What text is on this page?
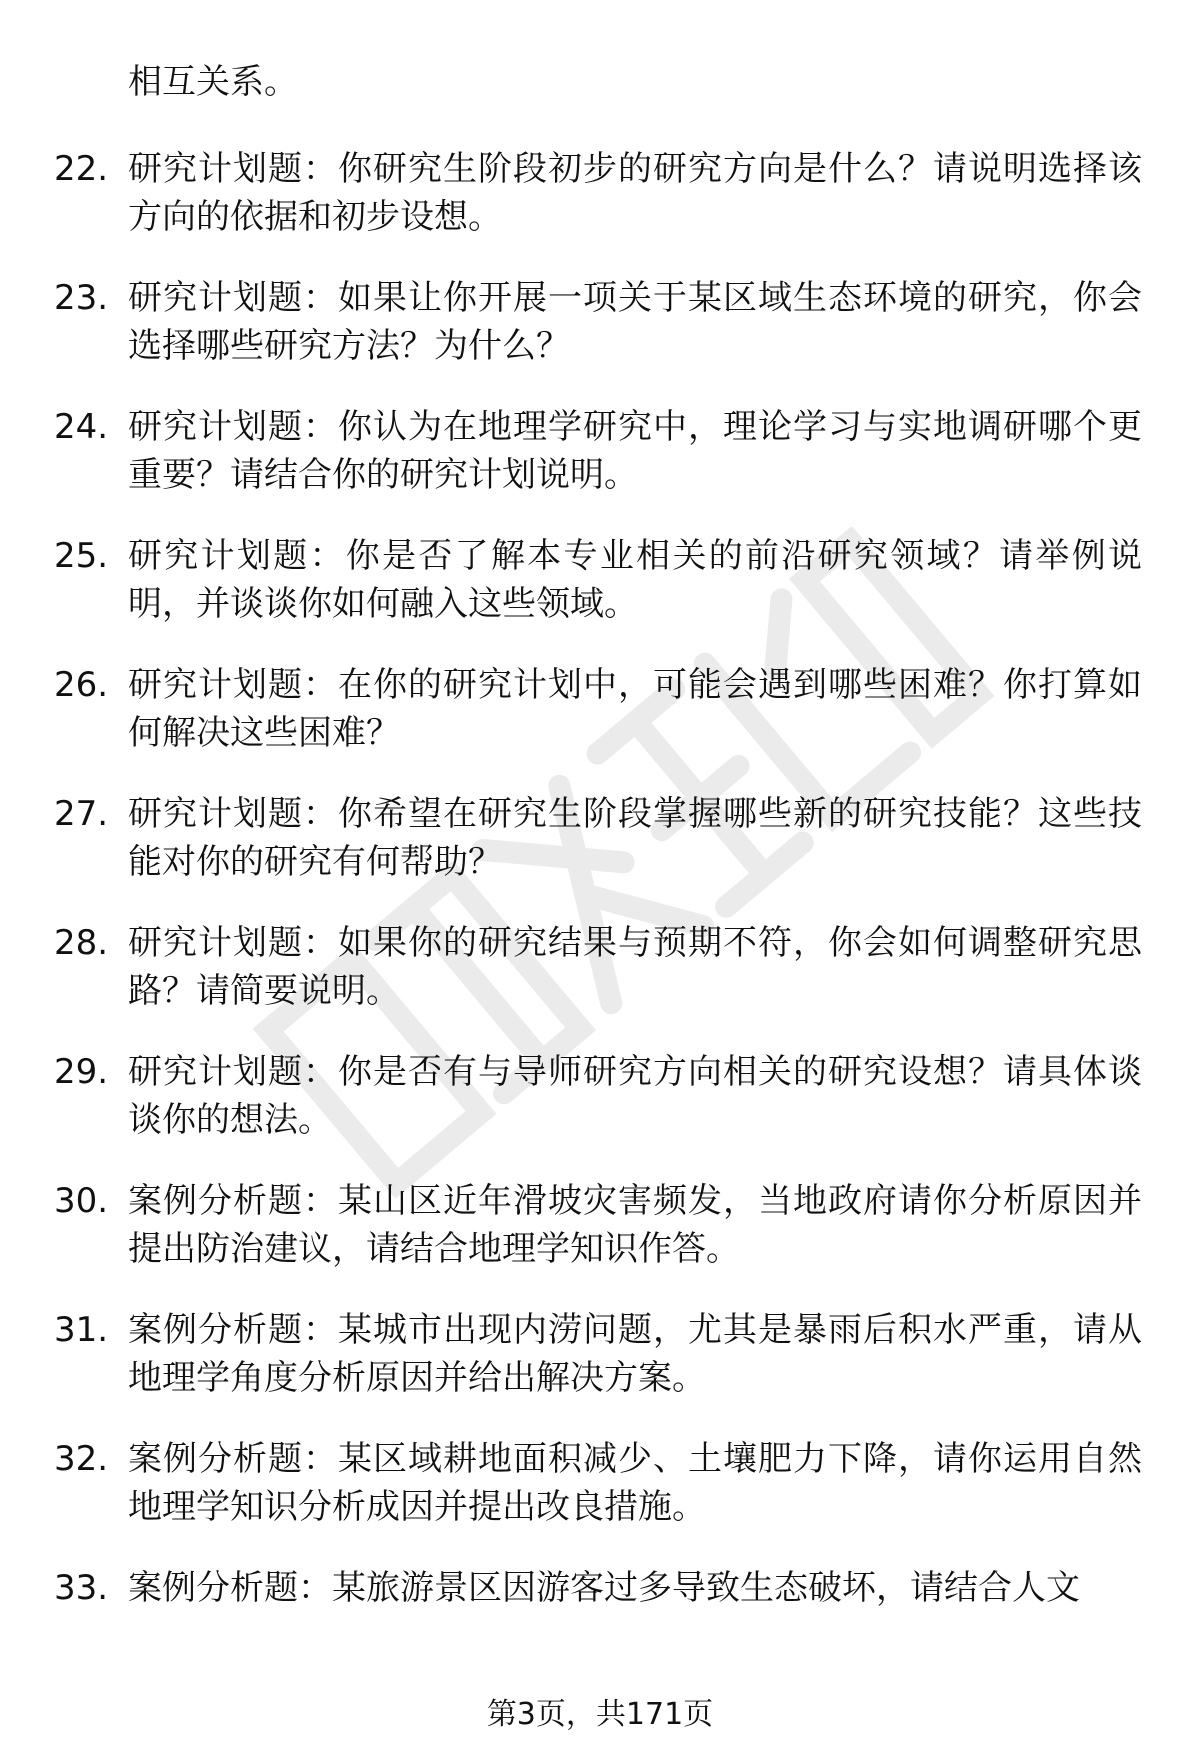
相互关系。

22. 研究计划题：你研究生阶段初步的研究方向是什么？请说明选择该方向的依据和初步设想。
23. 研究计划题：如果让你开展一项关于某区域生态环境的研究，你会选择哪些研究方法？为什么？
24. 研究计划题：你认为在地理学研究中，理论学习与实地调研哪个更重要？请结合你的研究计划说明。
25. 研究计划题：你是否了解本专业相关的前沿研究领域？请举例说明，并谈谈你如何融入这些领域。
26. 研究计划题：在你的研究计划中，可能会遇到哪些困难？你打算如何解决这些困难？
27. 研究计划题：你希望在研究生阶段掌握哪些新的研究技能？这些技能对你的研究有何帮助？
28. 研究计划题：如果你的研究结果与预期不符，你会如何调整研究思路？请简要说明。
29. 研究计划题：你是否有与导师研究方向相关的研究设想？请具体谈谈你的想法。
30. 案例分析题：某山区近年滑坡灾害频发，当地政府请你分析原因并提出防治建议，请结合地理学知识作答。
31. 案例分析题：某城市出现内涝问题，尤其是暴雨后积水严重，请从地理学角度分析原因并给出解决方案。
32. 案例分析题：某区域耕地面积减少、土壤肥力下降，请你运用自然地理学知识分析成因并提出改良措施。
33. 案例分析题：某旅游景区因游客过多导致生态破坏，请结合人文
第3页，共171页
